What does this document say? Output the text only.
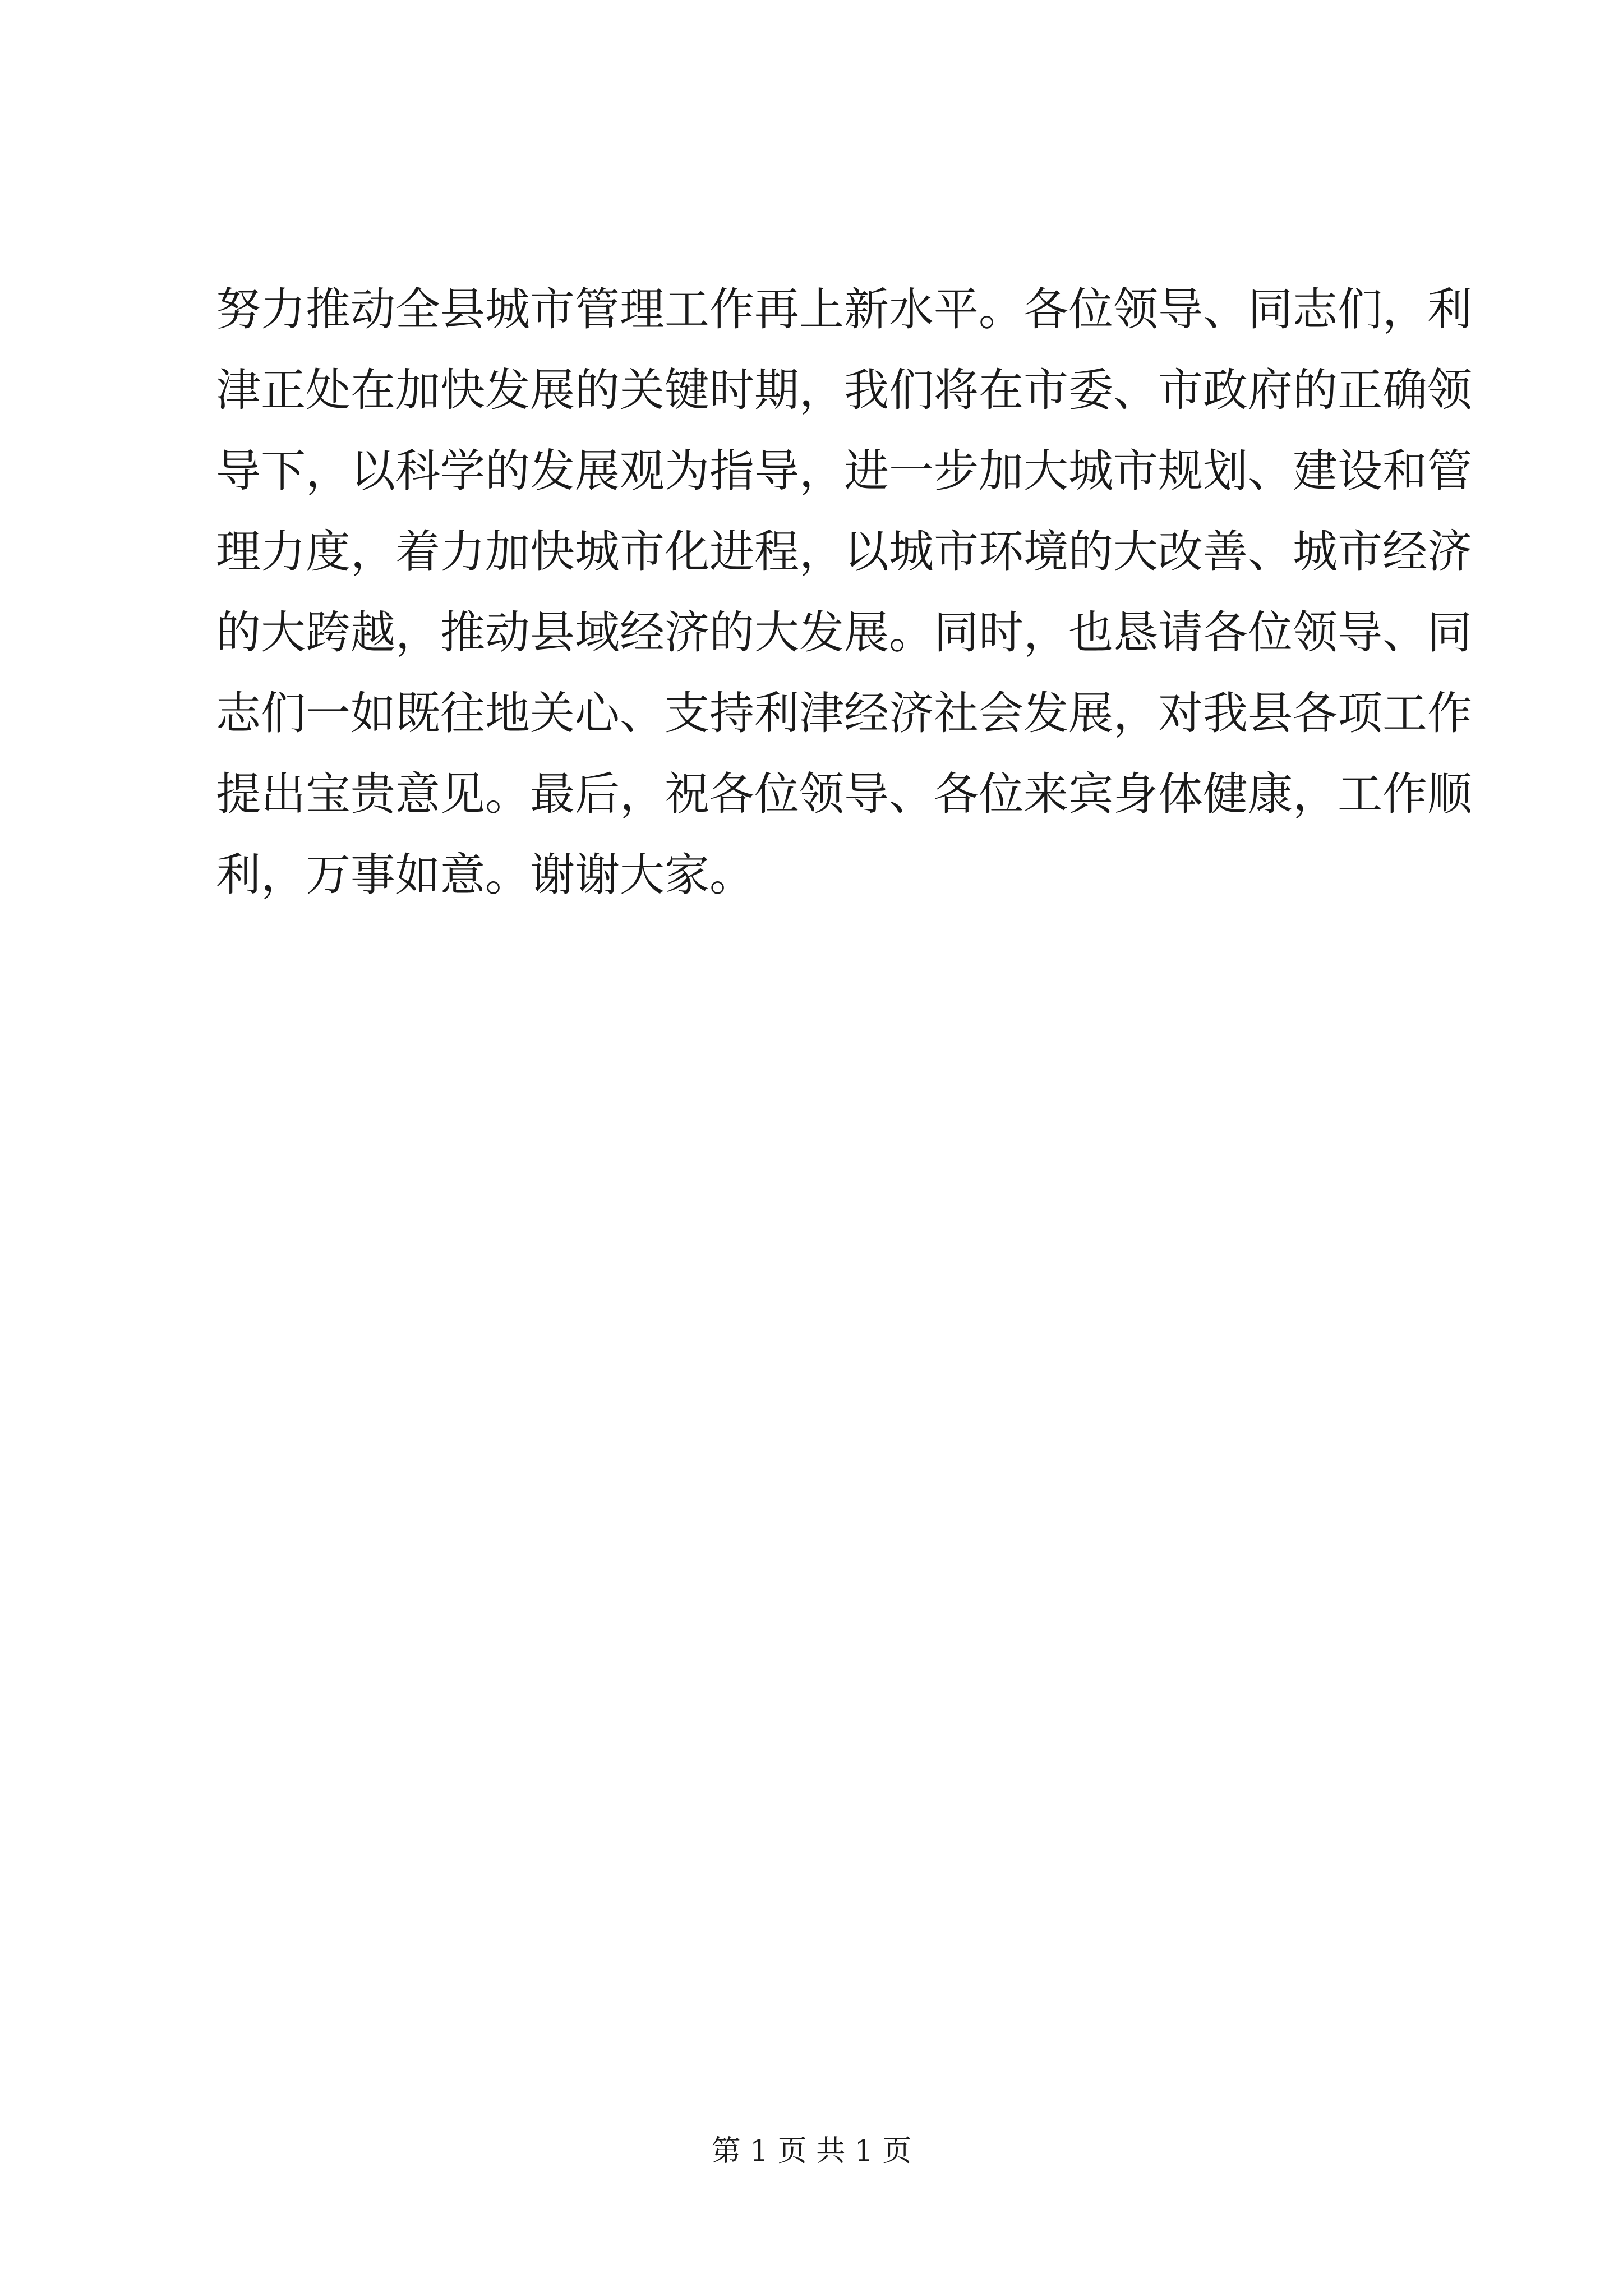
努力推动全县城市管理工作再上新水平。各位领导、同志们，利
津正处在加快发展的关键时期，我们将在市委、市政府的正确领
导下，以科学的发展观为指导，进一步加大城市规划、建设和管
理力度，着力加快城市化进程，以城市环境的大改善、城市经济
的大跨越，推动县域经济的大发展。同时，也恳请各位领导、同
志们一如既往地关心、支持利津经济社会发展，对我县各项工作
提出宝贵意见。最后，祝各位领导、各位来宾身体健康，工作顺
利，万事如意。谢谢大家。
第 1 页 共 1 页
